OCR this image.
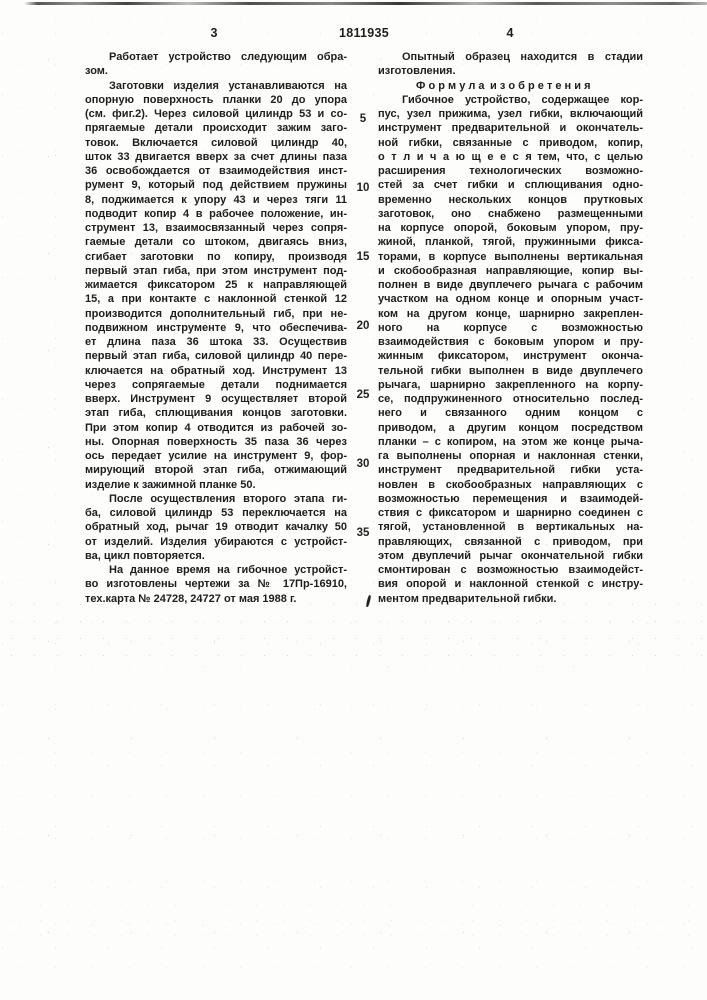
3	1811935	4
Работает устройство следующим обра-
зом.
Заготовки изделия устанавливаются на
опорную поверхность планки 20 до упора
(см. фиг.2). Через силовой цилиндр 53 и со-
прягаемые детали происходит зажим заго-
товок. Включается силовой цилиндр 40,
шток 33 двигается вверх за счет длины паза
36 освобождается от взаимодействия инст-
румент 9, который под действием пружины
8, поджимается к упору 43 и через тяги 11
подводит копир 4 в рабочее положение, ин-
струмент 13, взаимосвязанный через сопря-
гаемые детали со штоком, двигаясь вниз,
сгибает заготовки по копиру, производя
первый этап гиба, при этом инструмент под-
жимается фиксатором 25 к направляющей
15, а при контакте с наклонной стенкой 12
производится дополнительный гиб, при не-
подвижном инструменте 9, что обеспечива-
ет длина паза 36 штока 33. Осуществив
первый этап гиба, силовой цилиндр 40 пере-
ключается на обратный ход. Инструмент 13
через сопрягаемые детали поднимается
вверх. Инструмент 9 осуществляет второй
этап гиба, сплющивания концов заготовки.
При этом копир 4 отводится из рабочей зо-
ны. Опорная поверхность 35 паза 36 через
ось передает усилие на инструмент 9, фор-
мирующий второй этап гиба, отжимающий
изделие к зажимной планке 50.
После осуществления второго этапа ги-
ба, силовой цилиндр 53 переключается на
обратный ход, рычаг 19 отводит качалку 50
от изделий. Изделия убираются с устройст-
ва, цикл повторяется.
На данное время на гибочное устройст-
во изготовлены чертежи за № 17Пр-16910,
тех.карта № 24728, 24727 от мая 1988 г.
Опытный образец находится в стадии
изготовления.
Ф о р м у л а и з о б р е т е н и я
Гибочное устройство, содержащее кор-
пус, узел прижима, узел гибки, включающий
инструмент предварительной и окончатель-
ной гибки, связанные с приводом, копир,
о т л и ч а ю щ е е с я тем, что, с целью
расширения технологических возможно-
стей за счет гибки и сплющивания одно-
временно нескольких концов прутковых
заготовок, оно снабжено размещенными
на корпусе опорой, боковым упором, пру-
жиной, планкой, тягой, пружинными фикса-
торами, в корпусе выполнены вертикальная
и скобообразная направляющие, копир вы-
полнен в виде двуплечего рычага с рабочим
участком на одном конце и опорным участ-
ком на другом конце, шарнирно закреплен-
ного на корпусе с возможностью
взаимодействия с боковым упором и пру-
жинным фиксатором, инструмент оконча-
тельной гибки выполнен в виде двуплечего
рычага, шарнирно закрепленного на корпу-
се, подпружиненного относительно послед-
него и связанного одним концом с
приводом, а другим концом посредством
планки – с копиром, на этом же конце рыча-
га выполнены опорная и наклонная стенки,
инструмент предварительной гибки уста-
новлен в скобообразных направляющих с
возможностью перемещения и взаимодей-
ствия с фиксатором и шарнирно соединен с
тягой, установленной в вертикальных на-
правляющих, связанной с приводом, при
этом двуплечий рычаг окончательной гибки
смонтирован с возможностью взаимодейст-
вия опорой и наклонной стенкой с инстру-
ментом предварительной гибки.
5
10
15
20
25
30
35
